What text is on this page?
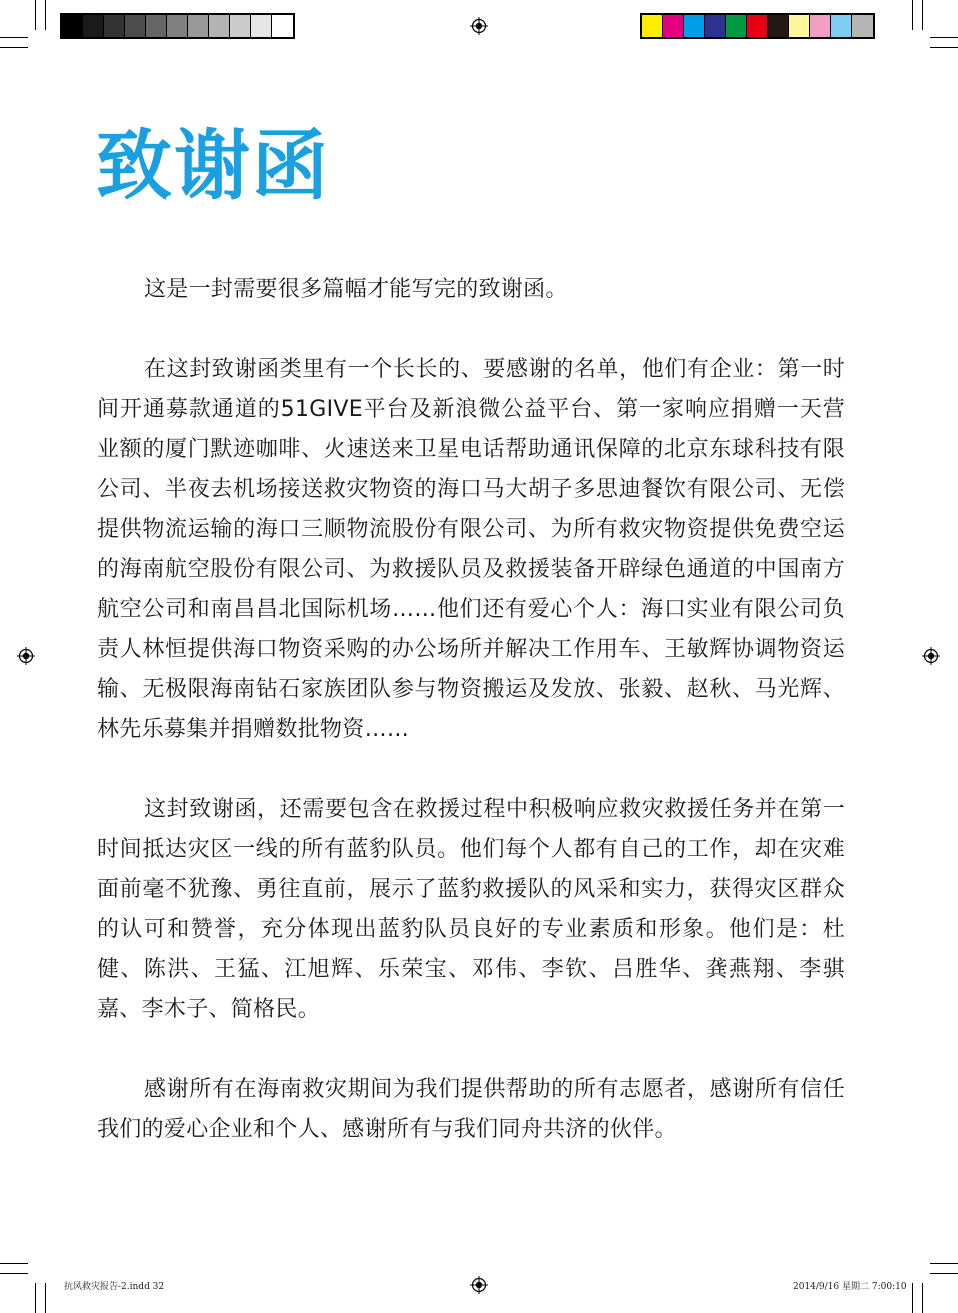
致谢函

这是一封需要很多篇幅才能写完的致谢函。

在这封致谢函类里有一个长长的、要感谢的名单，他们有企业：第一时间开通募款通道的51GIVE平台及新浪微公益平台、第一家响应捐赠一天营业额的厦门默迹咖啡、火速送来卫星电话帮助通讯保障的北京东球科技有限公司、半夜去机场接送救灾物资的海口马大胡子多思迪餐饮有限公司、无偿提供物流运输的海口三顺物流股份有限公司、为所有救灾物资提供免费空运的海南航空股份有限公司、为救援队员及救援装备开辟绿色通道的中国南方航空公司和南昌昌北国际机场……他们还有爱心个人：海口实业有限公司负责人林恒提供海口物资采购的办公场所并解决工作用车、王敏辉协调物资运输、无极限海南钻石家族团队参与物资搬运及发放、张毅、赵秋、马光辉、林先乐募集并捐赠数批物资……

这封致谢函，还需要包含在救援过程中积极响应救灾救援任务并在第一时间抵达灾区一线的所有蓝豹队员。他们每个人都有自己的工作，却在灾难面前毫不犹豫、勇往直前，展示了蓝豹救援队的风采和实力，获得灾区群众的认可和赞誉，充分体现出蓝豹队员良好的专业素质和形象。他们是：杜健、陈洪、王猛、江旭辉、乐荣宝、邓伟、李钦、吕胜华、龚燕翔、李骐嘉、李木子、简格民。

感谢所有在海南救灾期间为我们提供帮助的所有志愿者，感谢所有信任我们的爱心企业和个人、感谢所有与我们同舟共济的伙伴。

抗风救灾报告-2.indd 32	2014/9/16 星期二 7:00:10
